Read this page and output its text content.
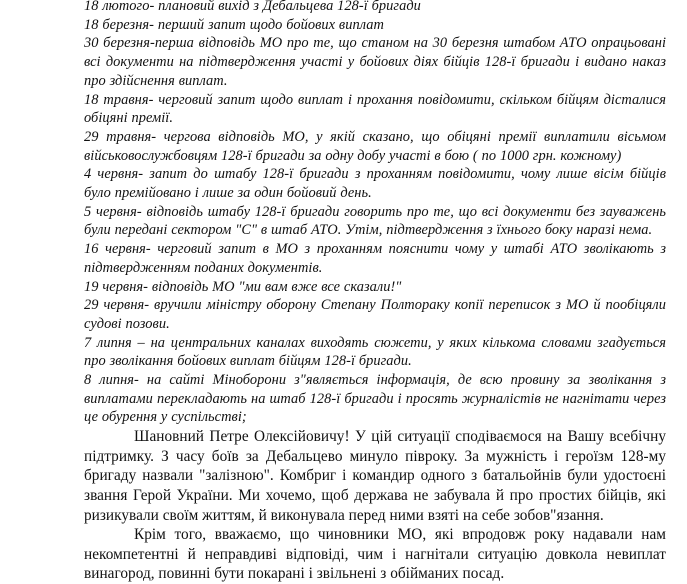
18 лютого- плановий вихід з Дебальцева 128-ї бригади

18 березня- перший запит щодо бойових виплат

30 березня-перша відповідь МО про те, що станом на 30 березня штабом АТО опрацьовані всі документи на підтвердження участі у бойових діях бійців 128-ї бригади і видано наказ про здійснення виплат.

18 травня- черговий запит щодо виплат і прохання повідомити, скільком бійцям дісталися обіцяні премії.

29 травня- чергова відповідь МО, у якій сказано, що обіцяні премії виплатили вісьмом військовослужбовцям 128-ї бригади за одну добу участі в бою ( по 1000 грн. кожному)

4 червня- запит до штабу 128-ї бригади з проханням повідомити, чому лише вісім бійців було премійовано і лише за один бойовий день.

5 червня- відповідь штабу 128-ї бригади говорить про те, що всі документи без зауважень були передані сектором "С" в штаб АТО. Утім, підтвердження з їхнього боку наразі нема.

16 червня- черговий запит в МО з проханням пояснити чому у штабі АТО зволікають з підтвердженням поданих документів.

19 червня- відповідь МО "ми вам вже все сказали!"

29 червня- вручили міністру оборону Степану Полтораку копії переписок з МО й пообіцяли судові позови.

7 липня – на центральних каналах виходять сюжети, у яких кількома словами згадується про зволікання бойових виплат бійцям 128-ї бригади.

8 липня- на сайті Міноборони з"являється інформація, де всю провину за зволікання з виплатами перекладають на штаб 128-ї бригади і просять журналістів не нагнітати через це обурення у суспільстві;

Шановний Петре Олексійовичу! У цій ситуації сподіваємося на Вашу всебічну підтримку. З часу боїв за Дебальцево минуло півроку. За мужність і героїзм 128-му бригаду назвали "залізною". Комбриг і командир одного з батальойнів були удостоєні звання Герой України. Ми хочемо, щоб держава не забувала й про простих бійців, які ризикували своїм життям, й виконувала перед ними взяті на себе зобов"язання.

Крім того, вважаємо, що чиновники МО, які впродовж року надавали нам некомпетентні й неправдиві відповіді, чим і нагнітали ситуацію довкола невиплат винагород, повинні бути покарані і звільнені з обійманих посад.
